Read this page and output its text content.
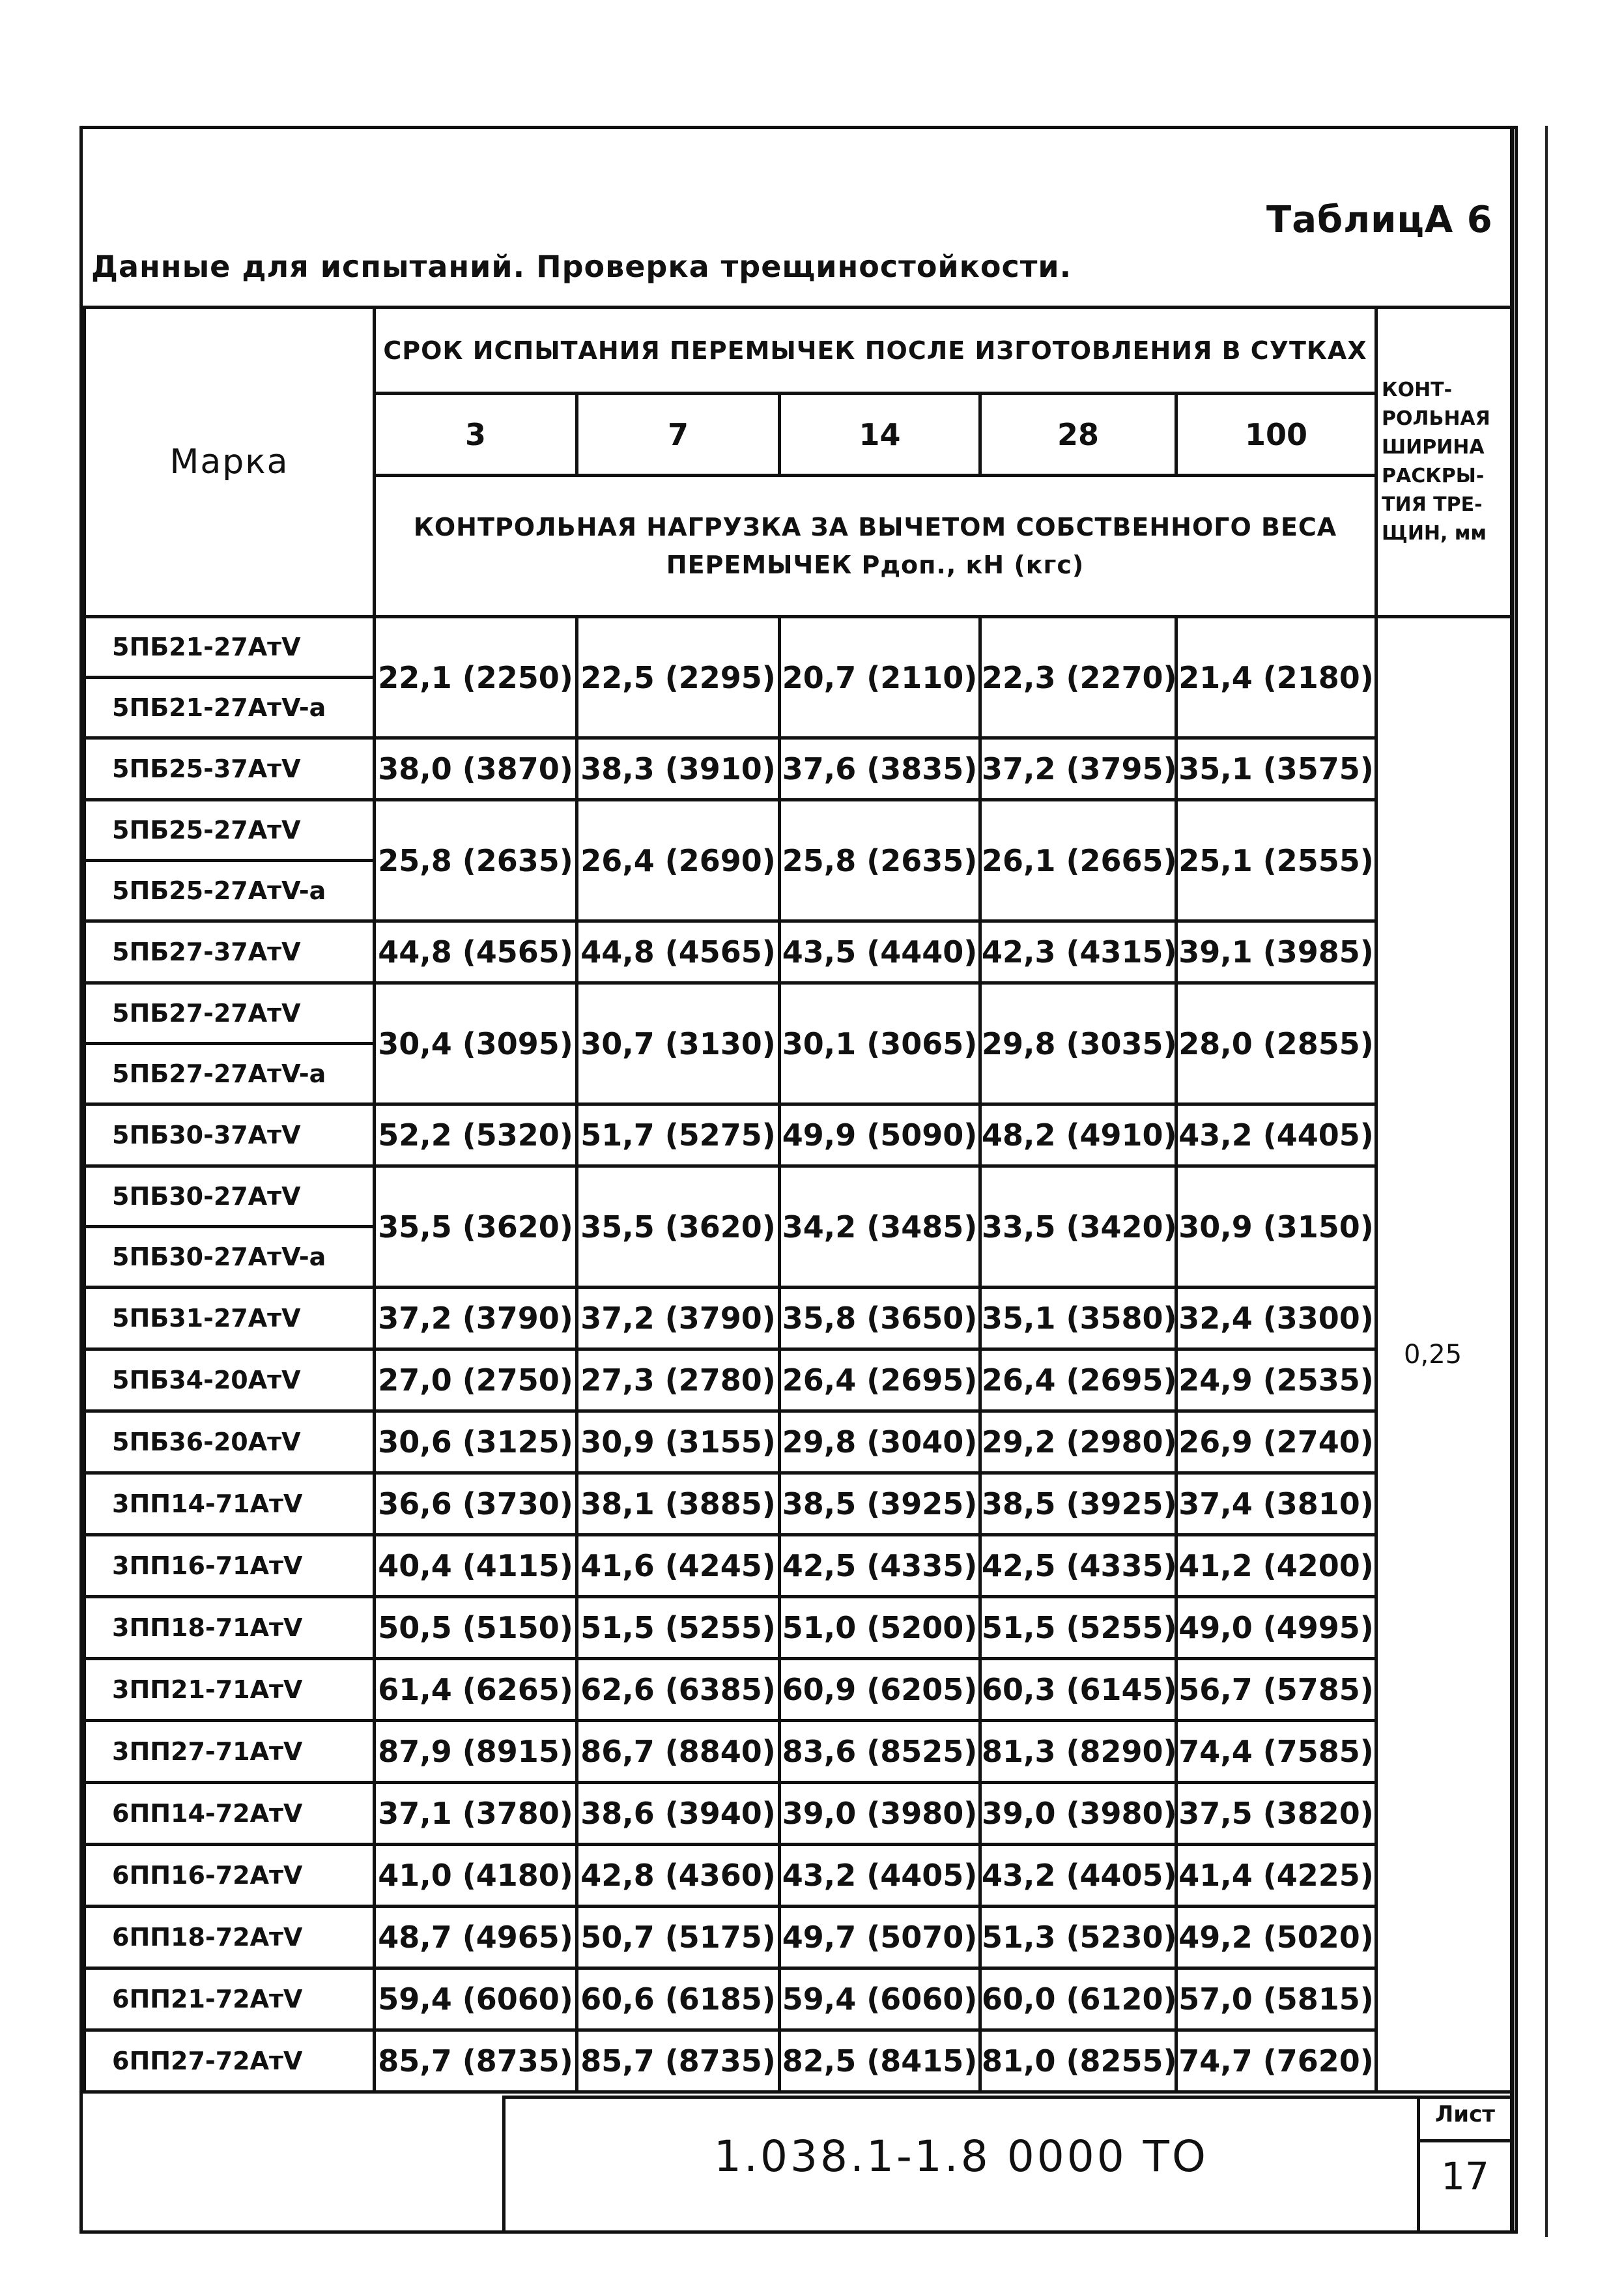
ТаблицА 6
Данные для испытаний. Проверка трещиностойкости.
Марка	СРОК ИСПЫТАНИЯ ПЕРЕМЫЧЕК ПОСЛЕ ИЗГОТОВЛЕНИЯ В СУТКАХ					КОНТ-РОЛЬНАЯ ШИРИНА РАСКРЫ-ТИЯ ТРЕ-ЩИН, мм
	3	7	14	28	100	

	КОНТРОЛЬНАЯ НАГРУЗКА ЗА ВЫЧЕТОМ СОБСТВЕННОГО ВЕСА
ПЕРЕМЫЧЕК Pдоп., кН (кгс)					

5ПБ21-27АтV	22,1 (2250)	22,5 (2295)	20,7 (2110)	22,3 (2270)	21,4 (2180)	0,25
5ПБ21-27АтV-а						
5ПБ25-37АтV	38,0 (3870)	38,3 (3910)	37,6 (3835)	37,2 (3795)	35,1 (3575)	
5ПБ25-27АтV	25,8 (2635)	26,4 (2690)	25,8 (2635)	26,1 (2665)	25,1 (2555)	
5ПБ25-27АтV-а						
5ПБ27-37АтV	44,8 (4565)	44,8 (4565)	43,5 (4440)	42,3 (4315)	39,1 (3985)	
5ПБ27-27АтV	30,4 (3095)	30,7 (3130)	30,1 (3065)	29,8 (3035)	28,0 (2855)	
5ПБ27-27АтV-а						
5ПБ30-37АтV	52,2 (5320)	51,7 (5275)	49,9 (5090)	48,2 (4910)	43,2 (4405)	
5ПБ30-27АтV	35,5 (3620)	35,5 (3620)	34,2 (3485)	33,5 (3420)	30,9 (3150)	
5ПБ30-27АтV-а						
5ПБ31-27АтV	37,2 (3790)	37,2 (3790)	35,8 (3650)	35,1 (3580)	32,4 (3300)	
5ПБ34-20АтV	27,0 (2750)	27,3 (2780)	26,4 (2695)	26,4 (2695)	24,9 (2535)	
5ПБ36-20АтV	30,6 (3125)	30,9 (3155)	29,8 (3040)	29,2 (2980)	26,9 (2740)	
3ПП14-71АтV	36,6 (3730)	38,1 (3885)	38,5 (3925)	38,5 (3925)	37,4 (3810)	
3ПП16-71АтV	40,4 (4115)	41,6 (4245)	42,5 (4335)	42,5 (4335)	41,2 (4200)	
3ПП18-71АтV	50,5 (5150)	51,5 (5255)	51,0 (5200)	51,5 (5255)	49,0 (4995)	
3ПП21-71АтV	61,4 (6265)	62,6 (6385)	60,9 (6205)	60,3 (6145)	56,7 (5785)	
3ПП27-71АтV	87,9 (8915)	86,7 (8840)	83,6 (8525)	81,3 (8290)	74,4 (7585)	
6ПП14-72АтV	37,1 (3780)	38,6 (3940)	39,0 (3980)	39,0 (3980)	37,5 (3820)	
6ПП16-72АтV	41,0 (4180)	42,8 (4360)	43,2 (4405)	43,2 (4405)	41,4 (4225)	
6ПП18-72АтV	48,7 (4965)	50,7 (5175)	49,7 (5070)	51,3 (5230)	49,2 (5020)	
6ПП21-72АтV	59,4 (6060)	60,6 (6185)	59,4 (6060)	60,0 (6120)	57,0 (5815)	
6ПП27-72АтV	85,7 (8735)	85,7 (8735)	82,5 (8415)	81,0 (8255)	74,7 (7620)	
1.038.1-1.8 0000 ТО
Лист
17
